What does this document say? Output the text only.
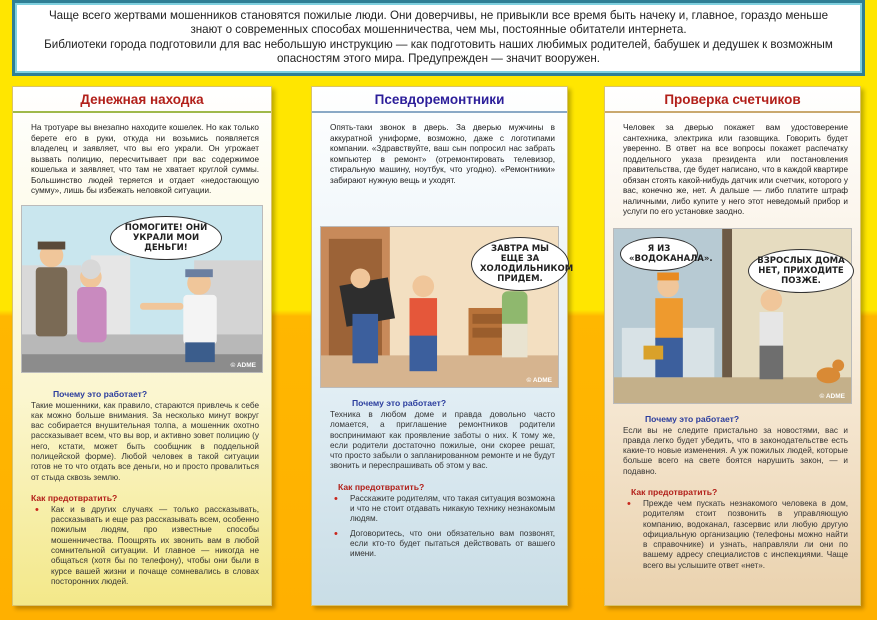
Чаще всего жертвами мошенников становятся пожилые люди. Они доверчивы, не привыкли все время быть начеку и, главное, гораздо меньше знают о современных способах мошенничества, чем мы, постоянные обитатели интернета.

Библиотеки города подготовили для вас небольшую инструкцию — как подготовить наших любимых родителей, бабушек и дедушек к возможным опасностям этого мира. Предупрежден — значит вооружен.

Денежная находка
На тротуаре вы внезапно находите кошелек. Но как только берете его в руки, откуда ни возьмись появляется владелец и заявляет, что вы его украли. Он угрожает вызвать полицию, пересчитывает при вас содержимое кошелька и заявляет, что там не хватает круглой суммы. Большинство людей теряется и отдает «недостающую сумму», лишь бы избежать неловкой ситуации.
ПОМОГИТЕ! ОНИ УКРАЛИ МОИ ДЕНЬГИ!
© ADME
Почему это работает?
Такие мошенники, как правило, стараются привлечь к себе как можно больше внимания. За несколько минут вокруг вас собирается внушительная толпа, а мошенник охотно рассказывает всем, что вы вор, и активно зовет полицию (у него, кстати, может быть сообщник в поддельной полицейской форме). Любой человек в такой ситуации готов не то что отдать все деньги, но и просто провалиться от стыда сквозь землю.
Как предотвратить?
• Как и в других случаях — только рассказывать, рассказывать и еще раз рассказывать всем, особенно пожилым людям, про известные способы мошенничества. Поощрять их звонить вам в любой сомнительной ситуации. И главное — никогда не общаться (хотя бы по телефону), чтобы они были в курсе вашей жизни и почаще сомневались в словах посторонних людей.
Псевдоремонтники
Опять-таки звонок в дверь. За дверью мужчины в аккуратной униформе, возможно, даже с логотипами компании. «Здравствуйте, ваш сын попросил нас забрать компьютер в ремонт» (отремонтировать телевизор, стиральную машину, ноутбук, что угодно). «Ремонтники» забирают нужную вещь и уходят.
ЗАВТРА МЫ ЕЩЕ ЗА ХОЛОДИЛЬНИКОМ ПРИДЕМ.
© ADME
Почему это работает?
Техника в любом доме и правда довольно часто ломается, а приглашение ремонтников родители воспринимают как проявление заботы о них. К тому же, если родители достаточно пожилые, они скорее решат, что просто забыли о запланированном ремонте и не будут звонить и переспрашивать об этом у вас.
Как предотвратить?
• Расскажите родителям, что такая ситуация возможна и что не стоит отдавать никакую технику незнакомым людям.
• Договоритесь, что они обязательно вам позвонят, если кто-то будет пытаться действовать от вашего имени.
Проверка счетчиков
Человек за дверью покажет вам удостоверение сантехника, электрика или газовщика. Говорить будет уверенно. В ответ на все вопросы покажет распечатку поддельного указа президента или постановления правительства, где будет написано, что в каждой квартире обязан стоять какой-нибудь датчик или счетчик, которого у вас, конечно же, нет. А дальше — либо платите штраф наличными, либо купите у него этот неведомый прибор и услуги по его установке заодно.
Я ИЗ «ВОДОКАНАЛА».	ВЗРОСЛЫХ ДОМА НЕТ, ПРИХОДИТЕ ПОЗЖЕ.
© ADME
Почему это работает?
Если вы не следите пристально за новостями, вас и правда легко будет убедить, что в законодательстве есть какие-то новые изменения. А уж пожилых людей, которые больше всего на свете боятся нарушить закон, — и подавно.
Как предотвратить?
• Прежде чем пускать незнакомого человека в дом, родителям стоит позвонить в управляющую компанию, водоканал, газсервис или любую другую официальную организацию (телефоны можно найти в справочнике) и узнать, направляли ли они по вашему адресу специалистов с инспекциями. Чаще всего вы услышите ответ «нет».
